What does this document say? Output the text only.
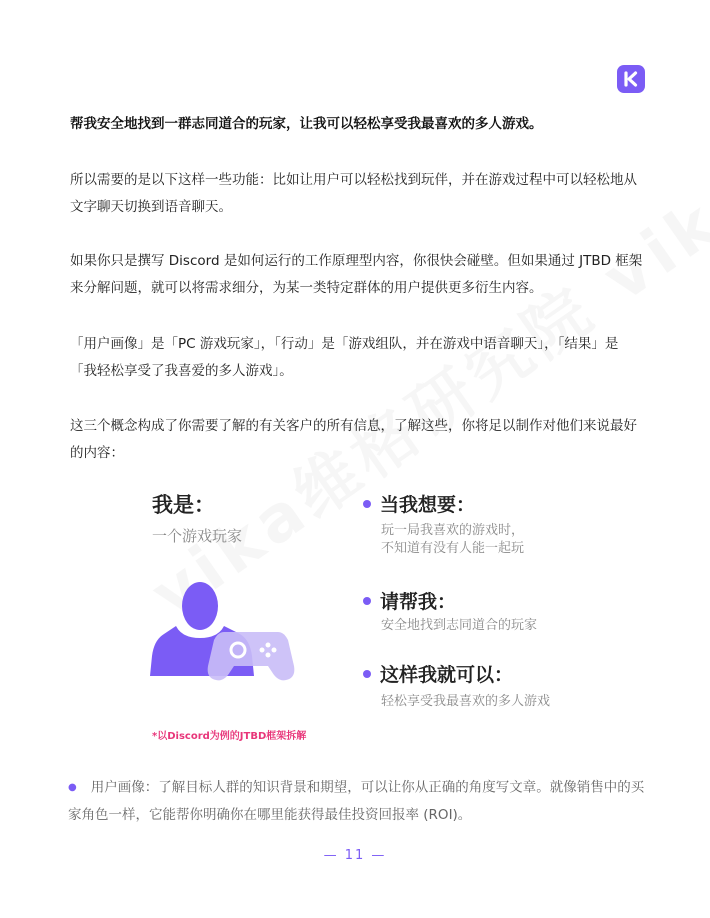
帮我安全地找到一群志同道合的玩家，让我可以轻松享受我最喜欢的多人游戏。
所以需要的是以下这样一些功能：比如让用户可以轻松找到玩伴，并在游戏过程中可以轻松地从文字聊天切换到语音聊天。
如果你只是撰写 Discord 是如何运行的工作原理型内容，你很快会碰壁。但如果通过 JTBD 框架来分解问题，就可以将需求细分，为某一类特定群体的用户提供更多衍生内容。
「用户画像」是「PC 游戏玩家」，「行动」是「游戏组队，并在游戏中语音聊天」，「结果」是「我轻松享受了我喜爱的多人游戏」。
这三个概念构成了你需要了解的有关客户的所有信息，了解这些，你将足以制作对他们来说最好的内容：
我是：
一个游戏玩家
*以Discord为例的JTBD框架拆解
当我想要：
玩一局我喜欢的游戏时，
不知道有没有人能一起玩
请帮我：
安全地找到志同道合的玩家
这样我就可以：
轻松享受我最喜欢的多人游戏
● 用户画像：了解目标人群的知识背景和期望，可以让你从正确的角度写文章。就像销售中的买家角色一样，它能帮你明确你在哪里能获得最佳投资回报率 (ROI)。
— 11 —
